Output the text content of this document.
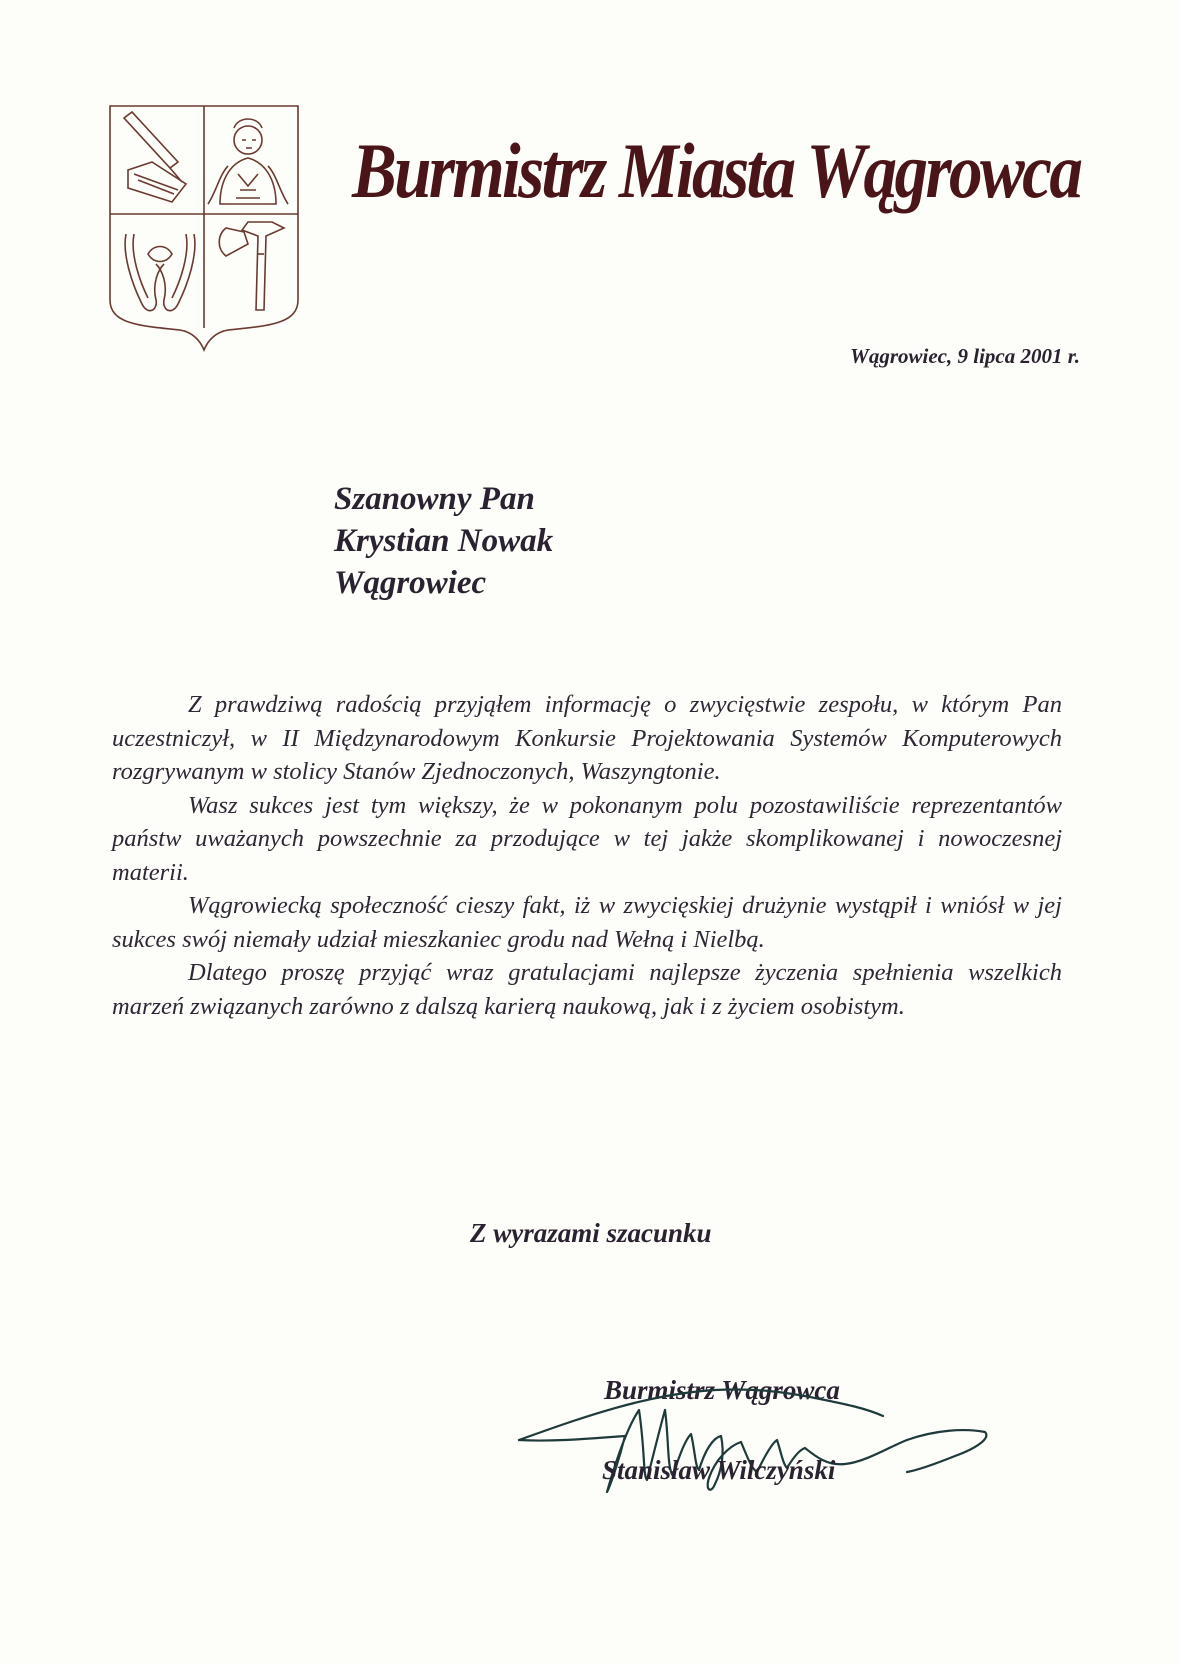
Burmistrz Miasta Wągrowca
Wągrowiec, 9 lipca 2001 r.
Szanowny Pan
Krystian Nowak
Wągrowiec

Z prawdziwą radością przyjąłem informację o zwycięstwie zespołu, w którym Pan uczestniczył, w II Międzynarodowym Konkursie Projektowania Systemów Komputerowych rozgrywanym w stolicy Stanów Zjednoczonych, Waszyngtonie.

Wasz sukces jest tym większy, że w pokonanym polu pozostawiliście reprezentantów państw uważanych powszechnie za przodujące w tej jakże skomplikowanej i nowoczesnej materii.

Wągrowiecką społeczność cieszy fakt, iż w zwycięskiej drużynie wystąpił i wniósł w jej sukces swój niemały udział mieszkaniec grodu nad Wełną i Nielbą.

Dlatego proszę przyjąć wraz gratulacjami najlepsze życzenia spełnienia wszelkich marzeń związanych zarówno z dalszą karierą naukową, jak i z życiem osobistym.

Z wyrazami szacunku
Burmistrz Wągrowca
Stanisław Wilczyński
